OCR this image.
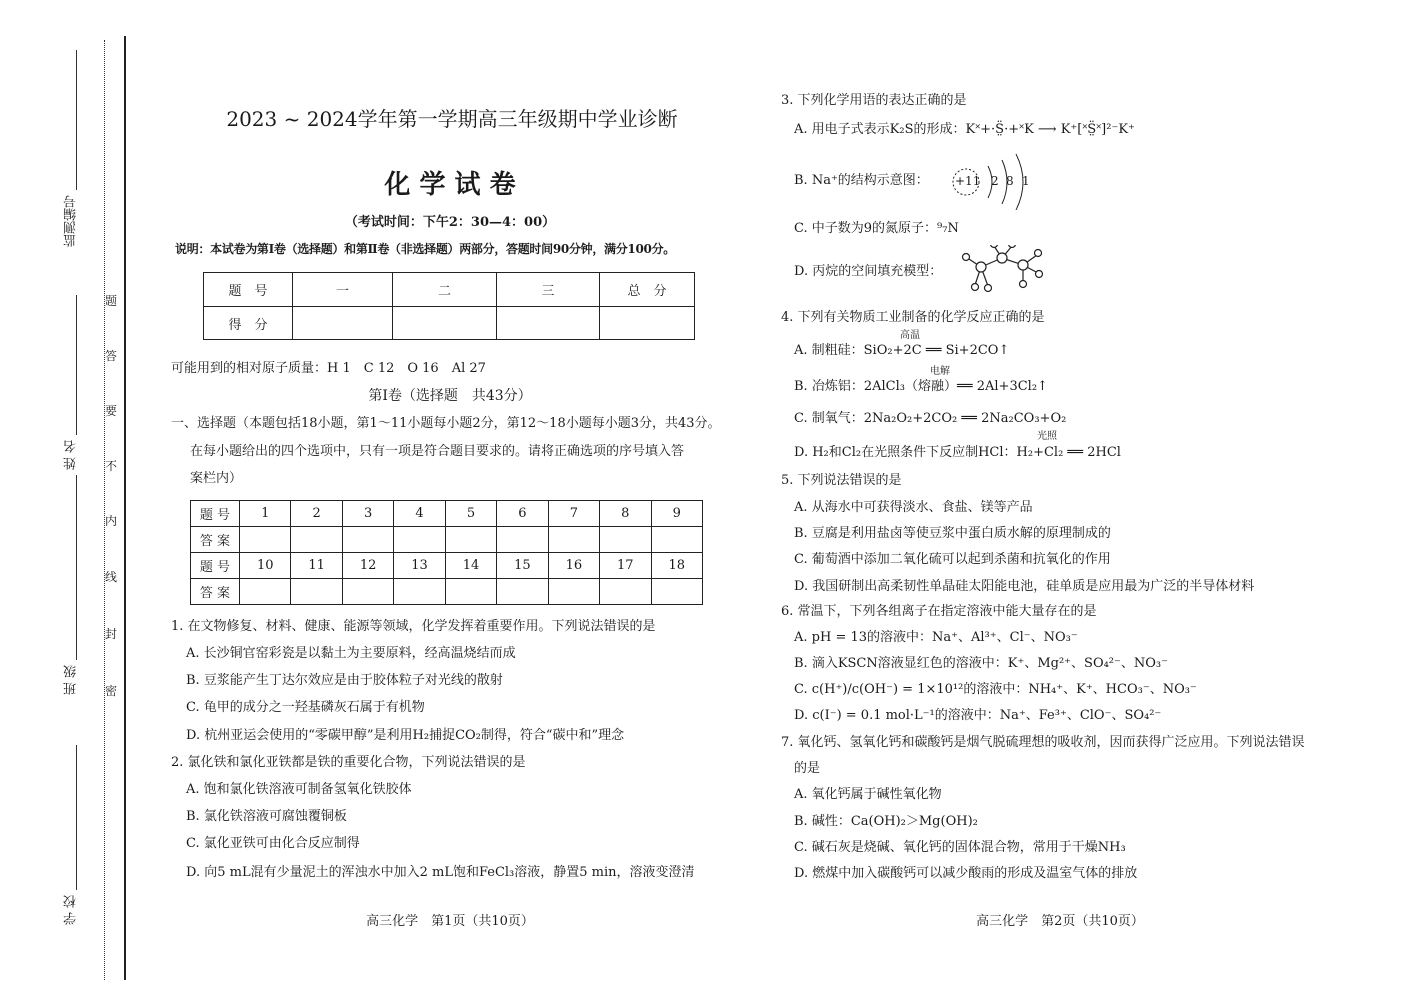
学 校
班 级
姓 名
监测编号
题
答
要
不
内
线
封
密
2023 ~ 2024学年第一学期高三年级期中学业诊断
化 学 试 卷
（考试时间：下午2：30—4：00）
说明：本试卷为第Ⅰ卷（选择题）和第Ⅱ卷（非选择题）两部分，答题时间90分钟，满分100分。
题　号	一	二	三	总　分
得　分				
可能用到的相对原子质量：H 1　C 12　O 16　Al 27
第Ⅰ卷（选择题　共43分）
一、选择题（本题包括18小题，第1～11小题每小题2分，第12～18小题每小题3分，共43分。
在每小题给出的四个选项中，只有一项是符合题目要求的。请将正确选项的序号填入答
案栏内）
题 号	1	2	3	4	5	6	7	8	9
答 案									
题 号	10	11	12	13	14	15	16	17	18
答 案									
1. 在文物修复、材料、健康、能源等领域，化学发挥着重要作用。下列说法错误的是
A. 长沙铜官窑彩瓷是以黏土为主要原料，经高温烧结而成
B. 豆浆能产生丁达尔效应是由于胶体粒子对光线的散射
C. 龟甲的成分之一羟基磷灰石属于有机物
D. 杭州亚运会使用的“零碳甲醇”是利用H₂捕捉CO₂制得，符合“碳中和”理念
2. 氯化铁和氯化亚铁都是铁的重要化合物，下列说法错误的是
A. 饱和氯化铁溶液可制备氢氧化铁胶体
B. 氯化铁溶液可腐蚀覆铜板
C. 氯化亚铁可由化合反应制得
D. 向5 mL混有少量泥土的浑浊水中加入2 mL饱和FeCl₃溶液，静置5 min，溶液变澄清
高三化学　第1页（共10页）
3. 下列化学用语的表达正确的是
A. 用电子式表示K₂S的形成：K˟+·S̤̈·+˟K ⟶ K⁺[˟S̤̈˟]²⁻K⁺
B. Na⁺的结构示意图： +11 2 8 1
C. 中子数为9的氮原子：⁹₇N
D. 丙烷的空间填充模型：
4. 下列有关物质工业制备的化学反应正确的是
高温
A. 制粗硅：SiO₂+2C ══ Si+2CO↑
电解
B. 冶炼铝：2AlCl₃（熔融）══ 2Al+3Cl₂↑
C. 制氧气：2Na₂O₂+2CO₂ ══ 2Na₂CO₃+O₂
光照
D. H₂和Cl₂在光照条件下反应制HCl：H₂+Cl₂ ══ 2HCl
5. 下列说法错误的是
A. 从海水中可获得淡水、食盐、镁等产品
B. 豆腐是利用盐卤等使豆浆中蛋白质水解的原理制成的
C. 葡萄酒中添加二氧化硫可以起到杀菌和抗氧化的作用
D. 我国研制出高柔韧性单晶硅太阳能电池，硅单质是应用最为广泛的半导体材料
6. 常温下，下列各组离子在指定溶液中能大量存在的是
A. pH = 13的溶液中：Na⁺、Al³⁺、Cl⁻、NO₃⁻
B. 滴入KSCN溶液显红色的溶液中：K⁺、Mg²⁺、SO₄²⁻、NO₃⁻
C. c(H⁺)/c(OH⁻) = 1×10¹²的溶液中：NH₄⁺、K⁺、HCO₃⁻、NO₃⁻
D. c(I⁻) = 0.1 mol·L⁻¹的溶液中：Na⁺、Fe³⁺、ClO⁻、SO₄²⁻
7. 氧化钙、氢氧化钙和碳酸钙是烟气脱硫理想的吸收剂，因而获得广泛应用。下列说法错误
的是
A. 氧化钙属于碱性氧化物
B. 碱性：Ca(OH)₂＞Mg(OH)₂
C. 碱石灰是烧碱、氧化钙的固体混合物，常用于干燥NH₃
D. 燃煤中加入碳酸钙可以减少酸雨的形成及温室气体的排放
高三化学　第2页（共10页）
